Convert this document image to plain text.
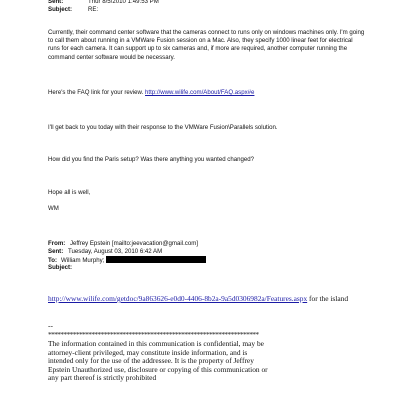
Sent:	Thur 8/5/2010 1:49:53 PM
Subject:	RE:

Currently, their command center software that the cameras connect to runs only on windows machines only. I'm going to call them about running in a VMWare Fusion session on a Mac. Also, they specify 1000 linear feet for electrical runs for each camera. It can support up to six cameras and, if more are required, another computer running the command center software would be necessary.

Here's the FAQ link for your review. http://www.wilife.com/About/FAQ.aspx#e

I'll get back to you today with their response to the VMWare Fusion\Parallels solution.

How did you find the Paris setup? Was there anything you wanted changed?

Hope all is well,

WM

From: Jeffrey Epstein [mailto:jeevacation@gmail.com]
Sent: Tuesday, August 03, 2010 6:42 AM
To: William Murphy;
Subject:

http://www.wilife.com/getdoc/9a863626-e0d0-4406-8b2a-9a5d0306982a/Features.aspx for the island

--

********************************************************************

The information contained in this communication is confidential, may be attorney-client privileged, may constitute inside information, and is intended only for the use of the addressee. It is the property of Jeffrey Epstein Unauthorized use, disclosure or copying of this communication or any part thereof is strictly prohibited
